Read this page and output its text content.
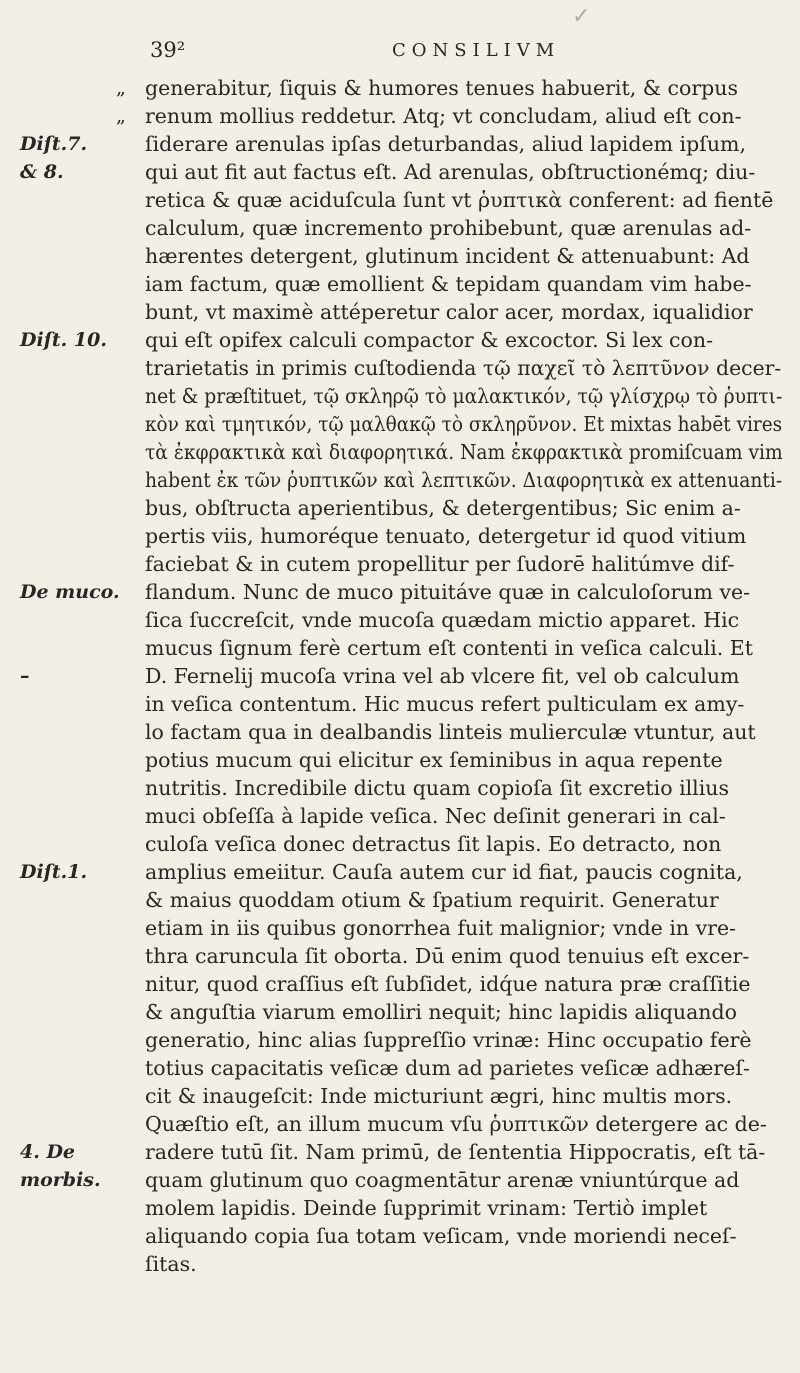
✓
39²	CONSILIVM
„ generabitur, ſiquis & humores tenues habuerit, & corpus
„ renum mollius reddetur. Atq; vt concludam, aliud eſt con-
Diſt.7.	ſiderare arenulas ipſas deturbandas, aliud lapidem ipſum,
& 8.	qui aut fit aut factus eſt. Ad arenulas, obſtructionémq; diu-
retica & quæ aciduſcula ſunt vt ῥυπτικὰ conferent: ad fientē
calculum, quæ incremento prohibebunt, quæ arenulas ad-
hærentes detergent, glutinum incident & attenuabunt: Ad
iam factum, quæ emollient & tepidam quandam vim habe-
bunt, vt maximè attéperetur calor acer, mordax, iqualidior
Diſt. 10. qui eſt opifex calculi compactor & excoctor. Si lex con-
trarietatis in primis cuſtodienda τῷ παχεῖ τὸ λεπτῦνον decer-
net & præſtituet, τῷ σκληρῷ τὸ μαλακτικόν, τῷ γλίσχρῳ τὸ ῥυπτι-
κὸν καὶ τμητικόν, τῷ μαλθακῷ τὸ σκληρῦνον. Et mixtas habēt vires
τὰ ἐκφρακτικὰ καὶ διαφορητικά. Nam ἐκφρακτικὰ promiſcuam vim
habent ἐκ τῶν ῥυπτικῶν καὶ λεπτικῶν. Διαφορητικὰ ex attenuanti-
bus, obſtructa aperientibus, & detergentibus; Sic enim a-
pertis viis, humoréque tenuato, detergetur id quod vitium
faciebat & in cutem propellitur per ſudorē halitúmve dif-
De muco. flandum. Nunc de muco pituitáve quæ in calculoſorum ve-
ſica ſuccreſcit, vnde mucoſa quædam mictio apparet. Hic
mucus ſignum ferè certum eſt contenti in veſica calculi. Et
–	D. Fernelij mucoſa vrina vel ab vlcere fit, vel ob calculum
in veſica contentum. Hic mucus refert pulticulam ex amy-
lo factam qua in dealbandis linteis mulierculæ vtuntur, aut
potius mucum qui elicitur ex ſeminibus in aqua repente
nutritis. Incredibile dictu quam copioſa ſit excretio illius
muci obſeſſa à lapide veſica. Nec deſinit generari in cal-
culoſa veſica donec detractus ſit lapis. Eo detracto, non
Diſt.1.	amplius emeiitur. Cauſa autem cur id fiat, paucis cognita,
& maius quoddam otium & ſpatium requirit. Generatur
etiam in iis quibus gonorrhea fuit malignior; vnde in vre-
thra caruncula ſit oborta. Dū enim quod tenuius eſt excer-
nitur, quod craſſius eſt ſubſidet, idq́ue natura præ craſſitie
& anguſtia viarum emolliri nequit; hinc lapidis aliquando
generatio, hinc alias ſuppreſſio vrinæ: Hinc occupatio ferè
totius capacitatis veſicæ dum ad parietes veſicæ adhæreſ-
cit & inaugeſcit: Inde micturiunt ægri, hinc multis mors.
Quæſtio eſt, an illum mucum vſu ῥυπτικῶν detergere ac de-
4. De	radere tutū ſit. Nam primū, de ſententia Hippocratis, eſt tā-
morbis. quam glutinum quo coagmentātur arenæ vniuntúrque ad
molem lapidis. Deinde ſupprimit vrinam: Tertiò implet
aliquando copia ſua totam veſicam, vnde moriendi neceſ-
ſitas.
